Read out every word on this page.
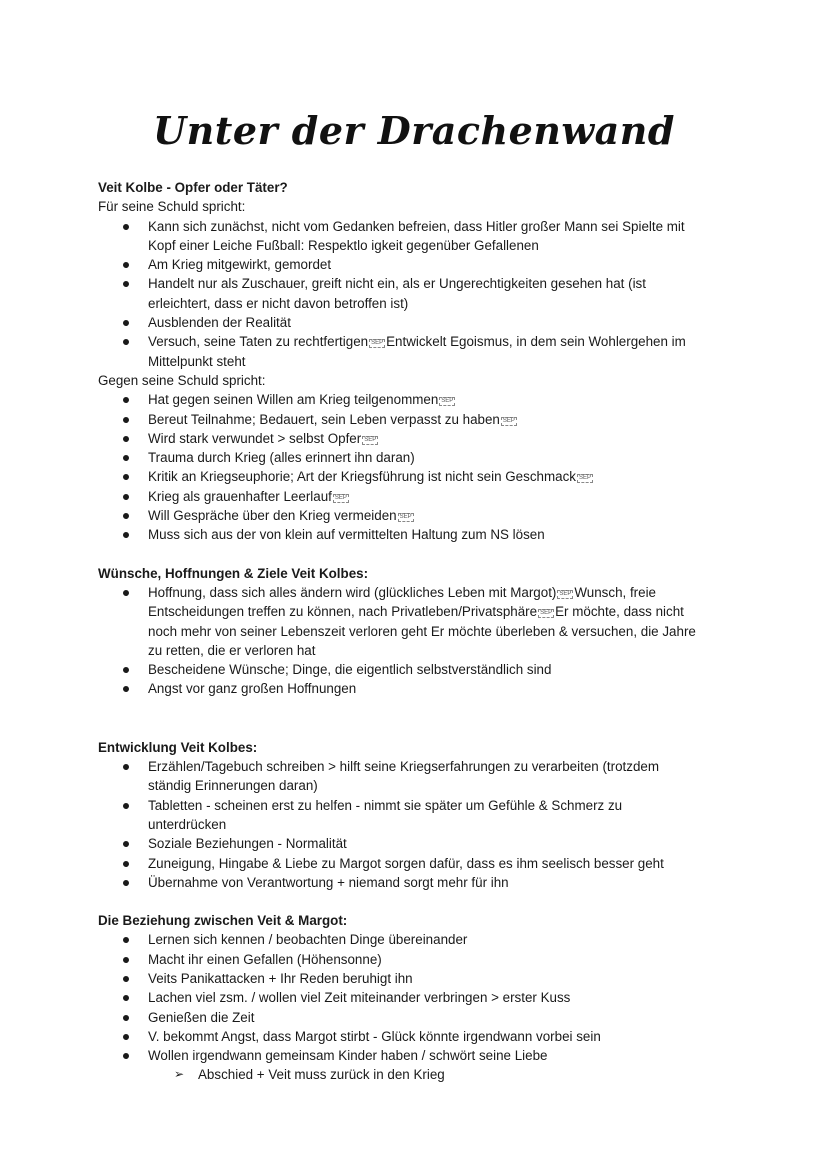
Unter der Drachenwand
Veit Kolbe - Opfer oder Täter?
Für seine Schuld spricht:
Kann sich zunächst, nicht vom Gedanken befreien, dass Hitler großer Mann sei Spielte mit
Kopf einer Leiche Fußball: Respektlo igkeit gegenüber Gefallenen
Am Krieg mitgewirkt, gemordet
Handelt nur als Zuschauer, greift nicht ein, als er Ungerechtigkeiten gesehen hat (ist
erleichtert, dass er nicht davon betroffen ist)
Ausblenden der Realität
Versuch, seine Taten zu rechtfertigen SEP Entwickelt Egoismus, in dem sein Wohlergehen im
Mittelpunkt steht
Gegen seine Schuld spricht:
Hat gegen seinen Willen am Krieg teilgenommen SEP
Bereut Teilnahme; Bedauert, sein Leben verpasst zu haben SEP
Wird stark verwundet > selbst Opfer SEP
Trauma durch Krieg (alles erinnert ihn daran)
Kritik an Kriegseuphorie; Art der Kriegsführung ist nicht sein Geschmack SEP
Krieg als grauenhafter Leerlauf SEP
Will Gespräche über den Krieg vermeiden SEP
Muss sich aus der von klein auf vermittelten Haltung zum NS lösen
Wünsche, Hoffnungen & Ziele Veit Kolbes:
Hoffnung, dass sich alles ändern wird (glückliches Leben mit Margot) SEP Wunsch, freie
Entscheidungen treffen zu können, nach Privatleben/Privatsphäre SEP Er möchte, dass nicht
noch mehr von seiner Lebenszeit verloren geht Er möchte überleben & versuchen, die Jahre
zu retten, die er verloren hat
Bescheidene Wünsche; Dinge, die eigentlich selbstverständlich sind
Angst vor ganz großen Hoffnungen
Entwicklung Veit Kolbes:
Erzählen/Tagebuch schreiben > hilft seine Kriegserfahrungen zu verarbeiten (trotzdem
ständig Erinnerungen daran)
Tabletten - scheinen erst zu helfen - nimmt sie später um Gefühle & Schmerz zu
unterdrücken
Soziale Beziehungen - Normalität
Zuneigung, Hingabe & Liebe zu Margot sorgen dafür, dass es ihm seelisch besser geht
Übernahme von Verantwortung + niemand sorgt mehr für ihn
Die Beziehung zwischen Veit & Margot:
Lernen sich kennen / beobachten Dinge übereinander
Macht ihr einen Gefallen (Höhensonne)
Veits Panikattacken + Ihr Reden beruhigt ihn
Lachen viel zsm. / wollen viel Zeit miteinander verbringen > erster Kuss
Genießen die Zeit
V. bekommt Angst, dass Margot stirbt - Glück könnte irgendwann vorbei sein
Wollen irgendwann gemeinsam Kinder haben / schwört seine Liebe
➢ Abschied + Veit muss zurück in den Krieg
